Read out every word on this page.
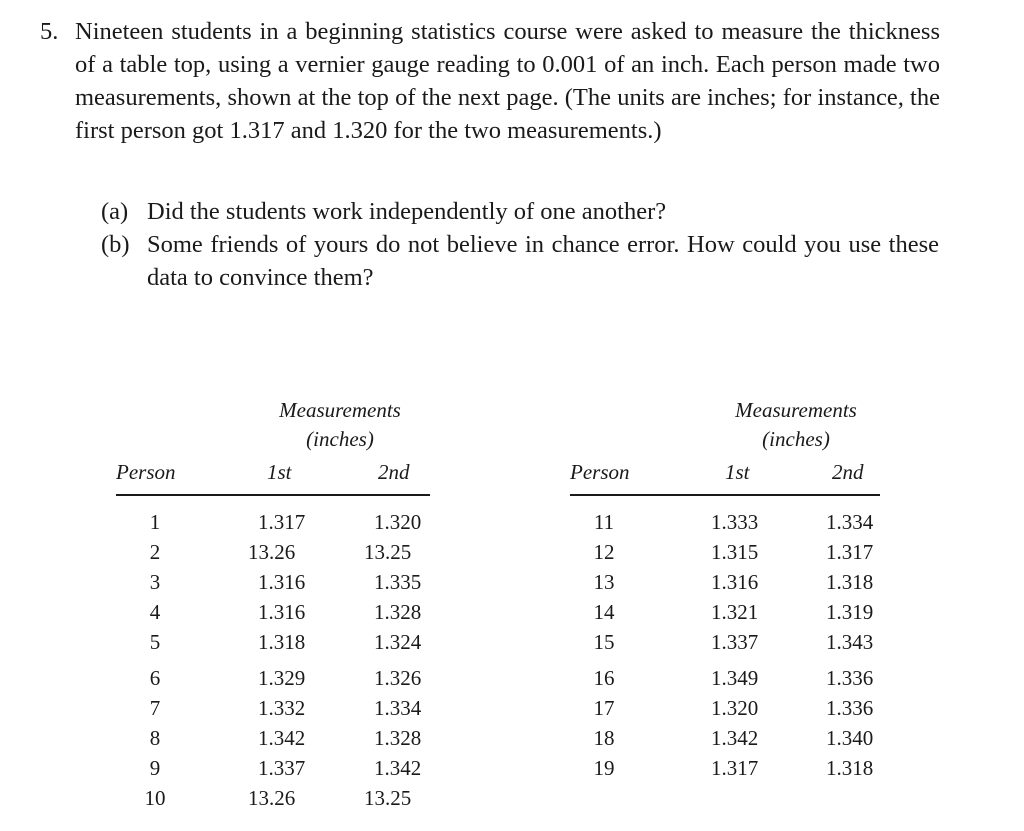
5. Nineteen students in a beginning statistics course were asked to measure the thickness of a table top, using a vernier gauge reading to 0.001 of an inch. Each person made two measurements, shown at the top of the next page. (The units are inches; for instance, the first person got 1.317 and 1.320 for the two measurements.)
(a) Did the students work independently of one another?
(b) Some friends of yours do not believe in chance error. How could you use these data to convince them?
Measurements
(inches)
Person	1st	2nd
1	1.317	1.320
2	13.26	13.25
3	1.316	1.335
4	1.316	1.328
5	1.318	1.324
6	1.329	1.326
7	1.332	1.334
8	1.342	1.328
9	1.337	1.342
10	13.26	13.25
Measurements
(inches)
Person	1st	2nd
11	1.333	1.334
12	1.315	1.317
13	1.316	1.318
14	1.321	1.319
15	1.337	1.343
16	1.349	1.336
17	1.320	1.336
18	1.342	1.340
19	1.317	1.318
